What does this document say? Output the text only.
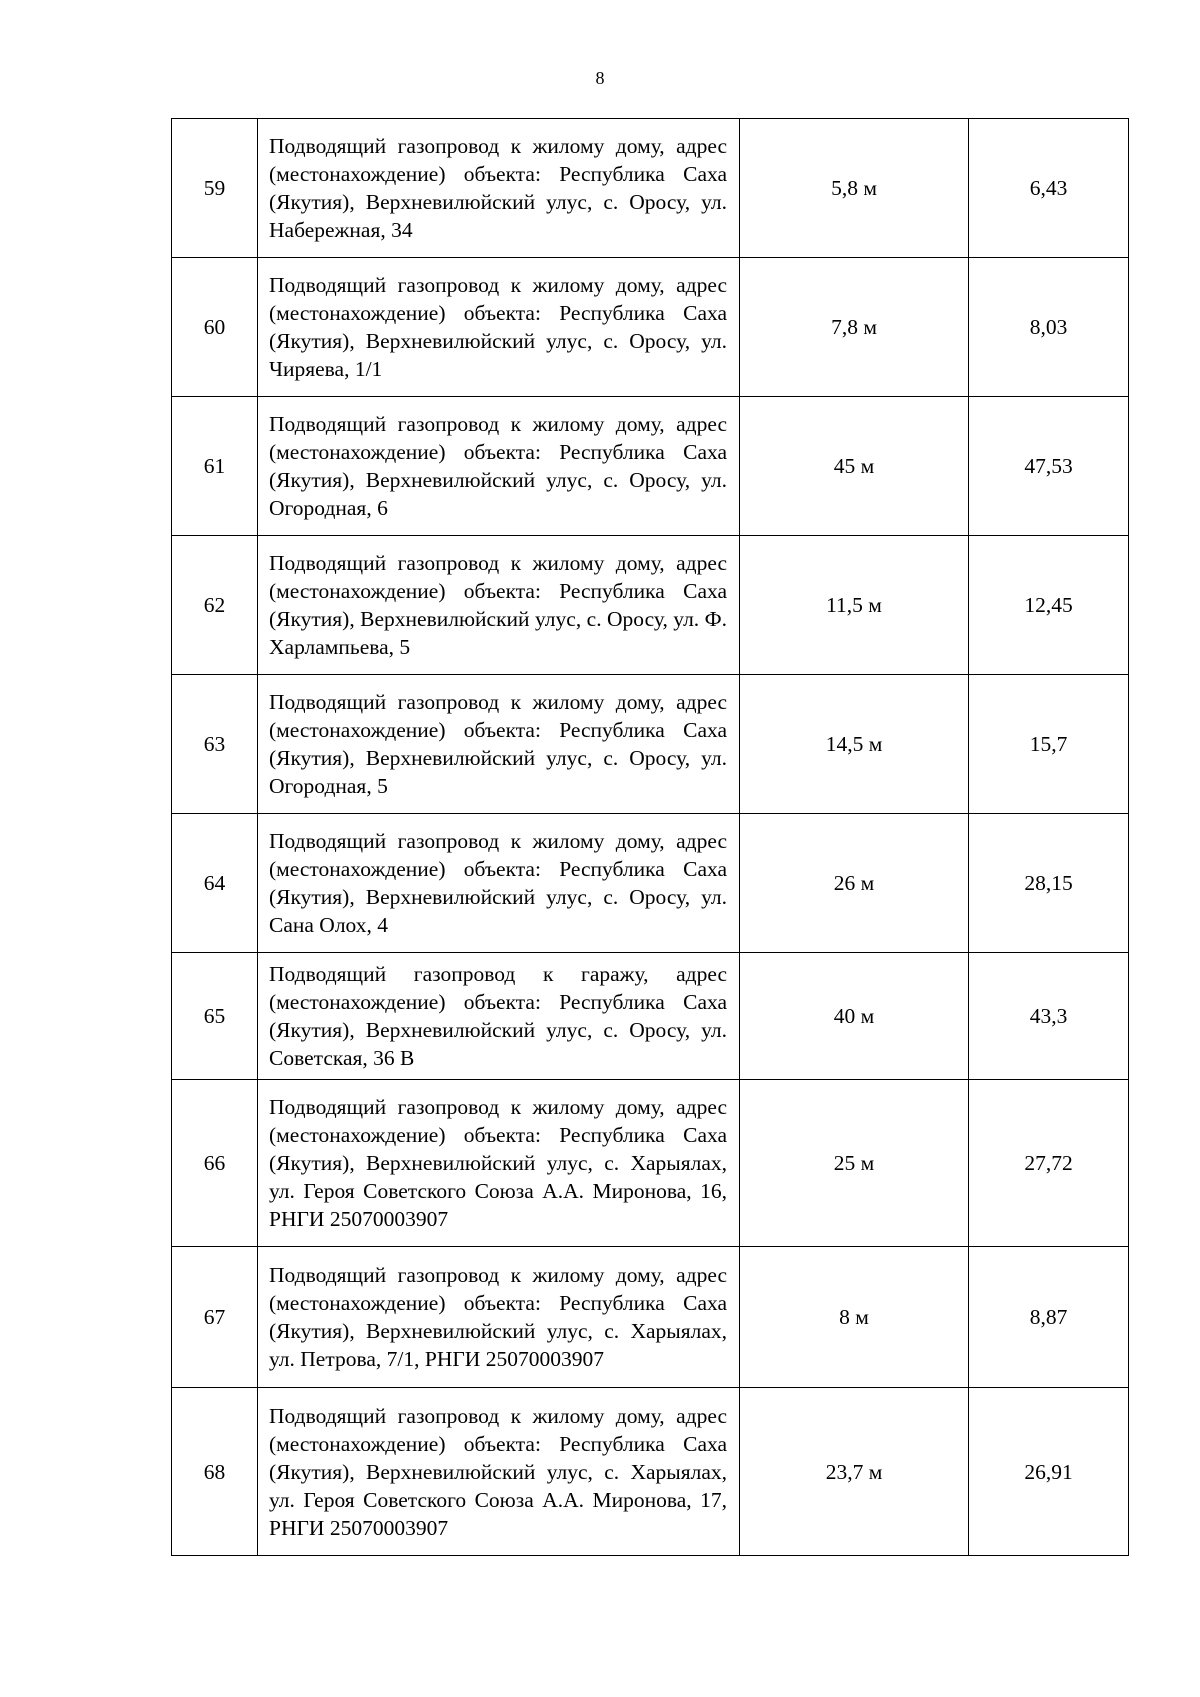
8
59	Подводящий газопровод к жилому дому, адрес (местонахождение) объекта: Республика Саха (Якутия), Верхневилюйский улус, с. Оросу, ул. Набережная, 34	5,8 м	6,43
60	Подводящий газопровод к жилому дому, адрес (местонахождение) объекта: Республика Саха (Якутия), Верхневилюйский улус, с. Оросу, ул. Чиряева, 1/1	7,8 м	8,03
61	Подводящий газопровод к жилому дому, адрес (местонахождение) объекта: Республика Саха (Якутия), Верхневилюйский улус, с. Оросу, ул. Огородная, 6	45 м	47,53
62	Подводящий газопровод к жилому дому, адрес (местонахождение) объекта: Республика Саха (Якутия), Верхневилюйский улус, с. Оросу, ул. Ф. Харлампьева, 5	11,5 м	12,45
63	Подводящий газопровод к жилому дому, адрес (местонахождение) объекта: Республика Саха (Якутия), Верхневилюйский улус, с. Оросу, ул. Огородная, 5	14,5 м	15,7
64	Подводящий газопровод к жилому дому, адрес (местонахождение) объекта: Республика Саха (Якутия), Верхневилюйский улус, с. Оросу, ул. Сана Олох, 4	26 м	28,15
65	Подводящий газопровод к гаражу, адрес (местонахождение) объекта: Республика Саха (Якутия), Верхневилюйский улус, с. Оросу, ул. Советская, 36 В	40 м	43,3
66	Подводящий газопровод к жилому дому, адрес (местонахождение) объекта: Республика Саха (Якутия), Верхневилюйский улус, с. Харыялах, ул. Героя Советского Союза А.А. Миронова, 16, РНГИ 25070003907	25 м	27,72
67	Подводящий газопровод к жилому дому, адрес (местонахождение) объекта: Республика Саха (Якутия), Верхневилюйский улус, с. Харыялах, ул. Петрова, 7/1, РНГИ 25070003907	8 м	8,87
68	Подводящий газопровод к жилому дому, адрес (местонахождение) объекта: Республика Саха (Якутия), Верхневилюйский улус, с. Харыялах, ул. Героя Советского Союза А.А. Миронова, 17, РНГИ 25070003907	23,7 м	26,91
